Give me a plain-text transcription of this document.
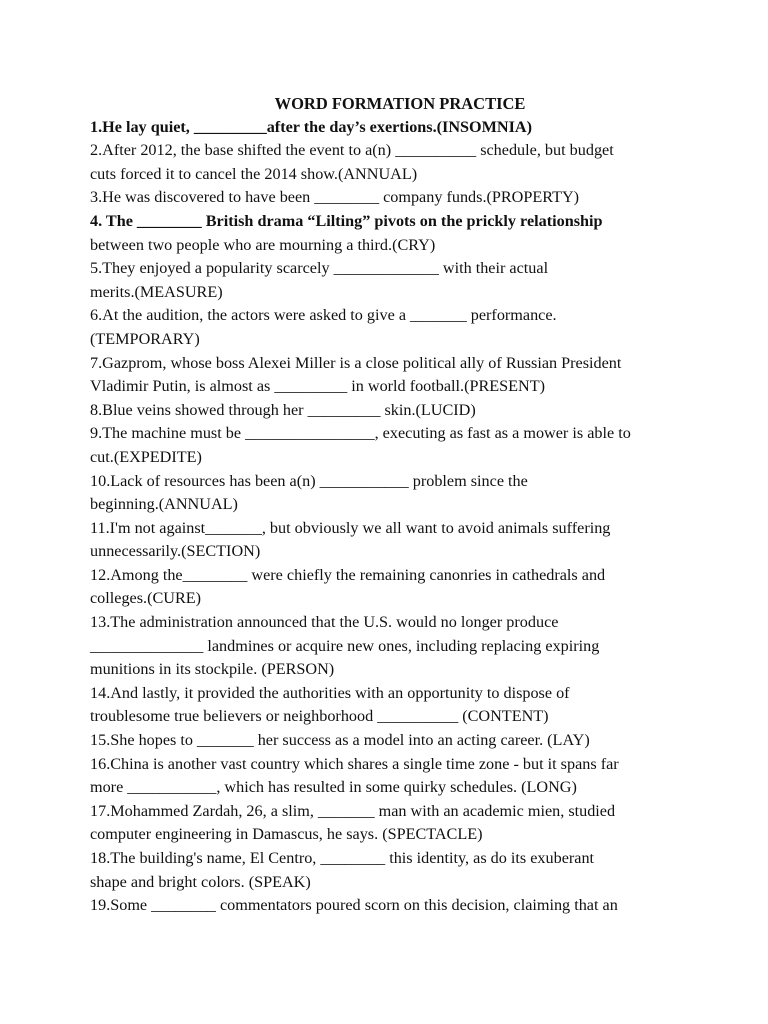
WORD FORMATION PRACTICE

1.He lay quiet, _________after the day’s exertions.(INSOMNIA)

2.After 2012, the base shifted the event to a(n) __________ schedule, but budget

cuts forced it to cancel the 2014 show.(ANNUAL)

3.He was discovered to have been ________ company funds.(PROPERTY)

4. The ________ British drama “Lilting” pivots on the prickly relationship

between two people who are mourning a third.(CRY)

5.They enjoyed a popularity scarcely _____________ with their actual

merits.(MEASURE)

6.At the audition, the actors were asked to give a _______ performance.

(TEMPORARY)

7.Gazprom, whose boss Alexei Miller is a close political ally of Russian President

Vladimir Putin, is almost as _________ in world football.(PRESENT)

8.Blue veins showed through her _________ skin.(LUCID)

9.The machine must be ________________, executing as fast as a mower is able to

cut.(EXPEDITE)

10.Lack of resources has been a(n) ___________ problem since the

beginning.(ANNUAL)

11.I'm not against_______, but obviously we all want to avoid animals suffering

unnecessarily.(SECTION)

12.Among the________ were chiefly the remaining canonries in cathedrals and

colleges.(CURE)

13.The administration announced that the U.S. would no longer produce

______________ landmines or acquire new ones, including replacing expiring

munitions in its stockpile. (PERSON)

14.And lastly, it provided the authorities with an opportunity to dispose of

troublesome true believers or neighborhood __________ (CONTENT)

15.She hopes to _______ her success as a model into an acting career. (LAY)

16.China is another vast country which shares a single time zone - but it spans far

more ___________, which has resulted in some quirky schedules. (LONG)

17.Mohammed Zardah, 26, a slim, _______ man with an academic mien, studied

computer engineering in Damascus, he says. (SPECTACLE)

18.The building's name, El Centro, ________ this identity, as do its exuberant

shape and bright colors. (SPEAK)

19.Some ________ commentators poured scorn on this decision, claiming that an
